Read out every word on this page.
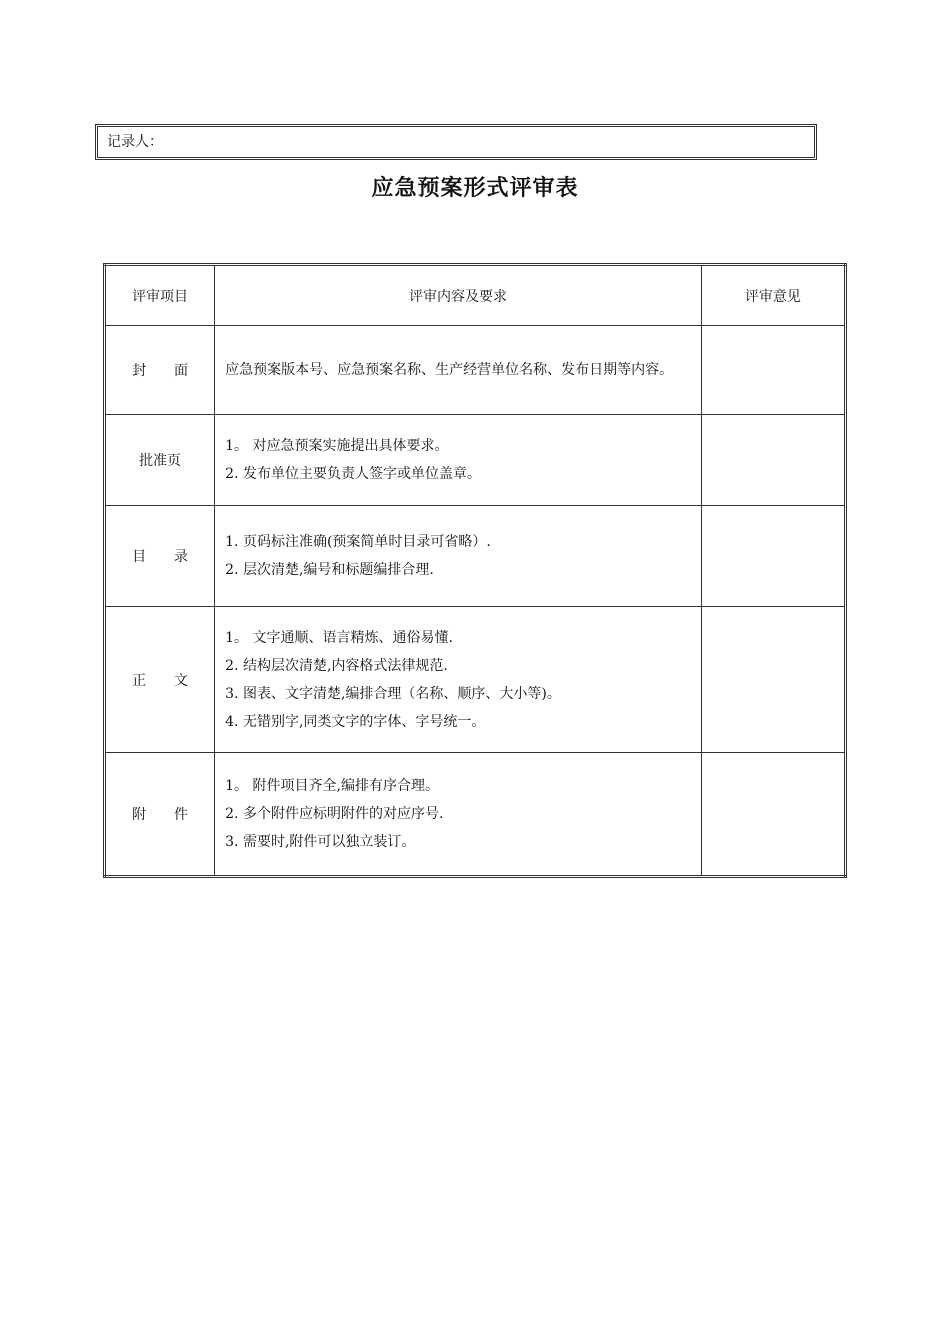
记录人：
应急预案形式评审表
评审项目	评审内容及要求	评审意见
封　　面	应急预案版本号、应急预案名称、生产经营单位名称、发布日期等内容。	

批准页	1。 对应急预案实施提出具体要求。
2. 发布单位主要负责人签字或单位盖章。	

目　　录	1. 页码标注准确(预案简单时目录可省略）.
2. 层次清楚,编号和标题编排合理.	

正　　文	1。 文字通顺、语言精炼、通俗易懂.
2. 结构层次清楚,内容格式法律规范.
3. 图表、文字清楚,编排合理（名称、顺序、大小等)。
4. 无错别字,同类文字的字体、字号统一。	

附　　件	1。 附件项目齐全,编排有序合理。
2. 多个附件应标明附件的对应序号.
3. 需要时,附件可以独立装订。	
